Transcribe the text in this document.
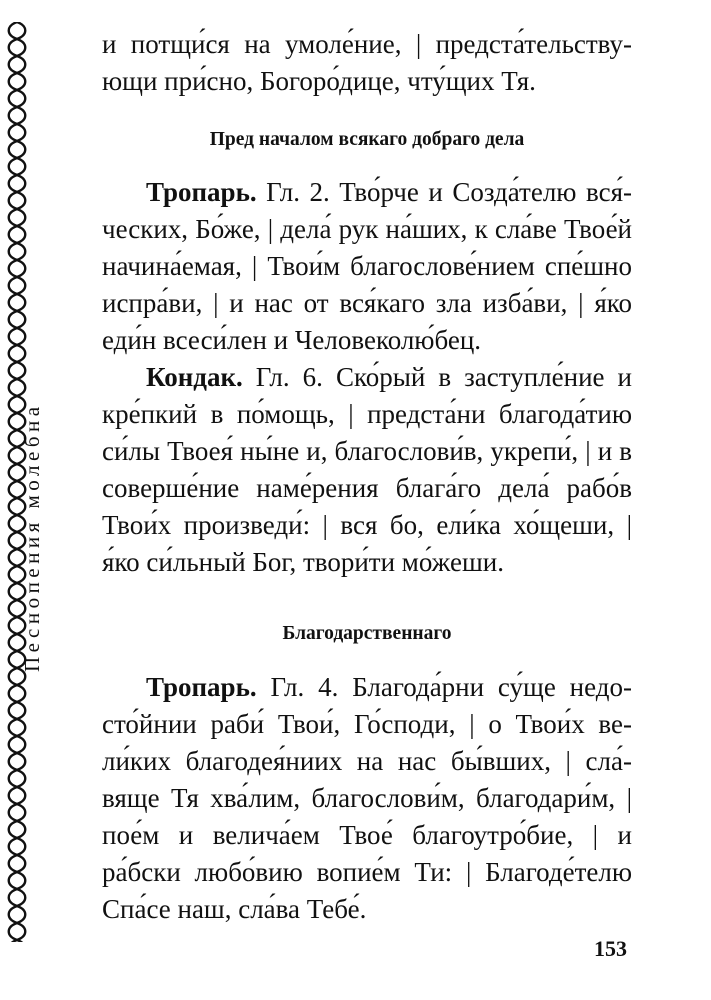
Песнопения молебна

и потщи́ся на умоле́ние, | предста́тельствующи при́сно, Богоро́дице, чту́щих Тя.

Пред началом всякаго добраго дела

Тропарь. Гл. 2. Тво́рче и Созда́телю вся́ческих, Бо́же, | дела́ рук на́ших, к сла́ве Твое́й начина́емая, | Твои́м благослове́нием спе́шно испра́ви, | и нас от вся́каго зла изба́ви, | я́ко еди́н всеси́лен и Человеколю́бец.

Кондак. Гл. 6. Ско́рый в заступле́ние и кре́пкий в по́мощь, | предста́ни благода́тию си́лы Твоея́ ны́не и, благослови́в, укрепи́, | и в соверше́ние наме́рения блага́го дела́ рабо́в Твои́х произведи́: | вся бо, ели́ка хо́щеши, | я́ко си́льный Бог, твори́ти мо́жеши.

Благодарственнаго

Тропарь. Гл. 4. Благода́рни су́ще недосто́йнии раби́ Твои́, Го́споди, | о Твои́х вели́ких благодея́ниих на нас бы́вших, | сла́вяще Тя хва́лим, благослови́м, благодари́м, | пое́м и велича́ем Твое́ благоутро́бие, | и ра́бски любо́вию вопие́м Ти: | Благоде́телю Спа́се наш, сла́ва Тебе́.

153
